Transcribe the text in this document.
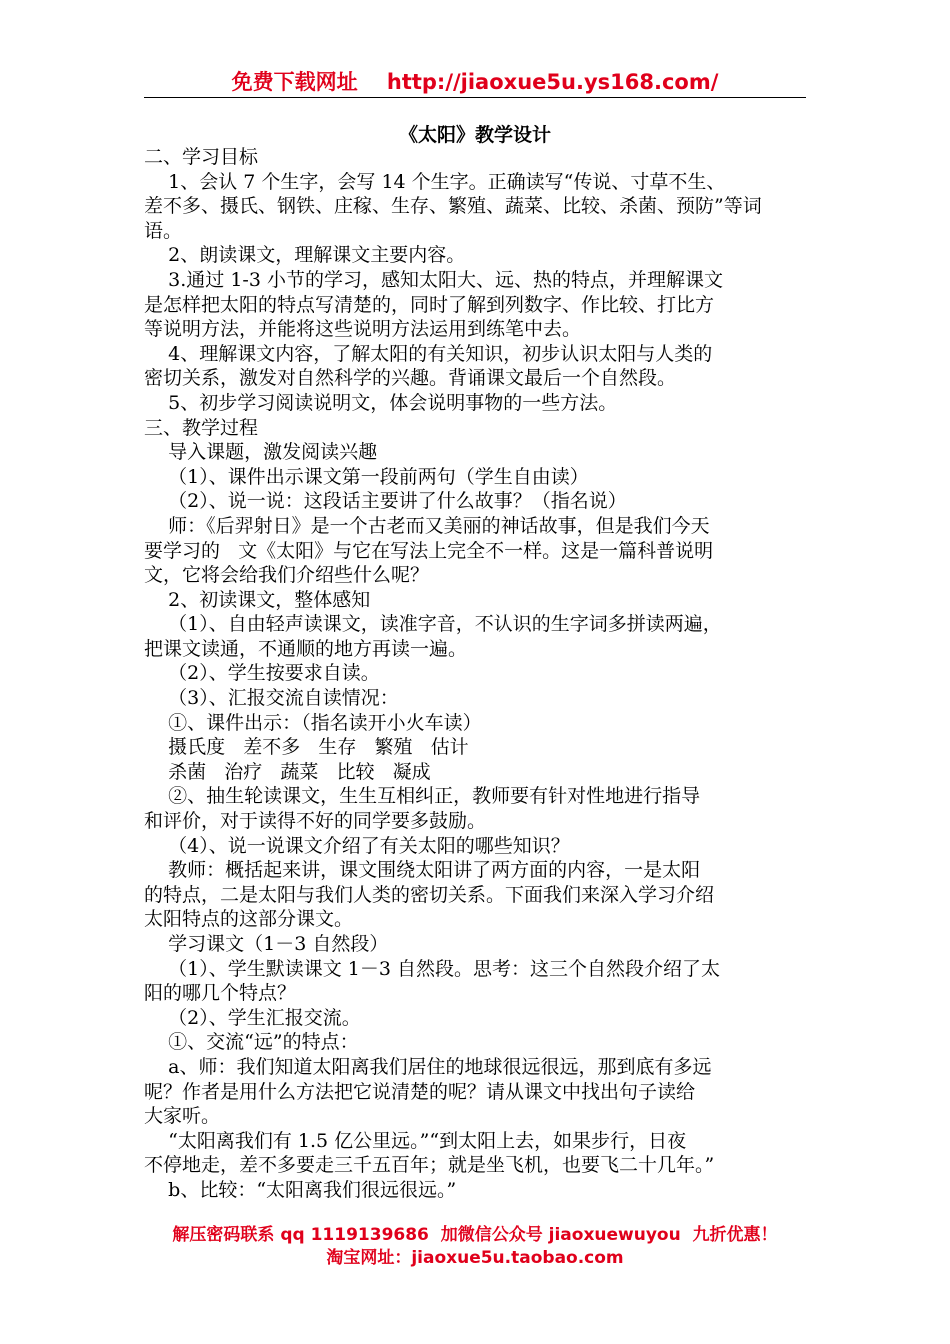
免费下载网址    http://jiaoxue5u.ys168.com/
《太阳》教学设计
二、学习目标
1、会认 7 个生字，会写 14 个生字。正确读写“传说、寸草不生、
差不多、摄氏、钢铁、庄稼、生存、繁殖、蔬菜、比较、杀菌、预防”等词
语。
2、朗读课文，理解课文主要内容。
3.通过 1-3 小节的学习，感知太阳大、远、热的特点，并理解课文
是怎样把太阳的特点写清楚的，同时了解到列数字、作比较、打比方
等说明方法，并能将这些说明方法运用到练笔中去。
4、理解课文内容，了解太阳的有关知识，初步认识太阳与人类的
密切关系，激发对自然科学的兴趣。背诵课文最后一个自然段。
5、初步学习阅读说明文，体会说明事物的一些方法。
三、教学过程
导入课题，激发阅读兴趣
（1）、课件出示课文第一段前两句（学生自由读）
（2）、说一说：这段话主要讲了什么故事？（指名说）
师：《后羿射日》是一个古老而又美丽的神话故事，但是我们今天
要学习的   文《太阳》与它在写法上完全不一样。这是一篇科普说明
文，它将会给我们介绍些什么呢？
2、初读课文，整体感知
（1）、自由轻声读课文，读准字音，不认识的生字词多拼读两遍，
把课文读通，不通顺的地方再读一遍。
（2）、学生按要求自读。
（3）、汇报交流自读情况：
①、课件出示：（指名读开小火车读）
摄氏度   差不多   生存   繁殖   估计
杀菌   治疗   蔬菜   比较   凝成
②、抽生轮读课文，生生互相纠正，教师要有针对性地进行指导
和评价，对于读得不好的同学要多鼓励。
（4）、说一说课文介绍了有关太阳的哪些知识？
教师：概括起来讲，课文围绕太阳讲了两方面的内容，一是太阳
的特点，二是太阳与我们人类的密切关系。下面我们来深入学习介绍
太阳特点的这部分课文。
学习课文（1－3 自然段）
（1）、学生默读课文 1－3 自然段。思考：这三个自然段介绍了太
阳的哪几个特点？
（2）、学生汇报交流。
①、交流“远”的特点：
a、师：我们知道太阳离我们居住的地球很远很远，那到底有多远
呢？作者是用什么方法把它说清楚的呢？请从课文中找出句子读给
大家听。
“太阳离我们有 1.5 亿公里远。”“到太阳上去，如果步行，日夜
不停地走，差不多要走三千五百年；就是坐飞机，也要飞二十几年。”
b、比较：“太阳离我们很远很远。”
解压密码联系 qq 1119139686  加微信公众号 jiaoxuewuyou  九折优惠！
淘宝网址：jiaoxue5u.taobao.com
